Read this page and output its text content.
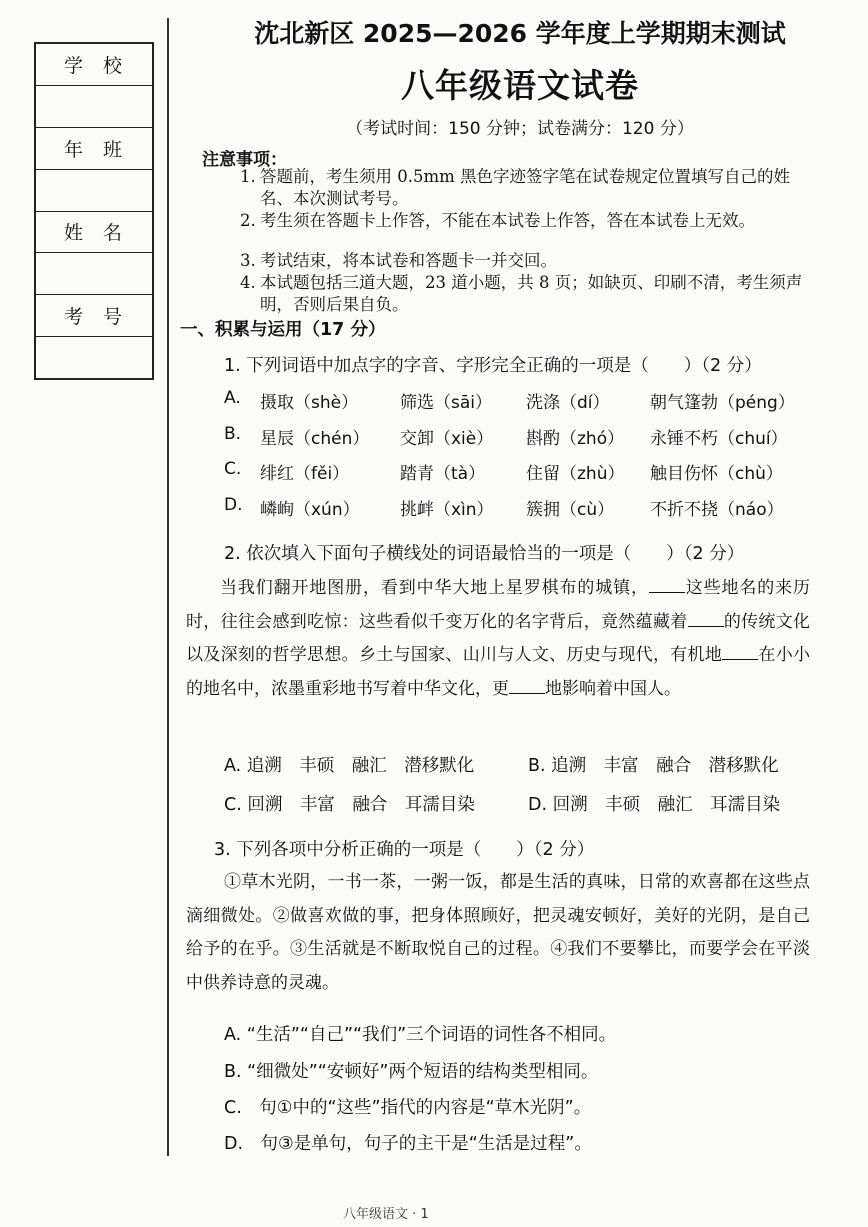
学校
年班
姓名
考号
沈北新区 2025—2026 学年度上学期期末测试
八年级语文试卷
（考试时间：150 分钟；试卷满分：120 分）
注意事项：
1. 答题前，考生须用 0.5mm 黑色字迹签字笔在试卷规定位置填写自己的姓名、本次测试考号。
2. 考生须在答题卡上作答，不能在本试卷上作答，答在本试卷上无效。
3. 考试结束，将本试卷和答题卡一并交回。
4. 本试题包括三道大题，23 道小题，共 8 页；如缺页、印刷不清，考生须声明，否则后果自负。
一、积累与运用（17 分）
1. 下列词语中加点字的字音、字形完全正确的一项是（　　）（2 分）
A. 摄取（shè） 筛选（sāi） 洗涤（dí） 朝气篷勃（péng）
B. 星辰（chén） 交卸（xiè） 斟酌（zhó） 永锤不朽（chuí）
C. 绯红（fěi）	踏青（tà） 住留（zhù） 触目伤怀（chù）
D. 嶙峋（xún） 挑衅（xìn） 簇拥（cù） 不折不挠（náo）
2. 依次填入下面句子横线处的词语最恰当的一项是（　　）（2 分）
当我们翻开地图册，看到中华大地上星罗棋布的城镇， 这些地名的来历时，往往会感到吃惊：这些看似千变万化的名字背后，竟然蕴藏着 的传统文化以及深刻的哲学思想。乡土与国家、山川与人文、历史与现代，有机地 在小小的地名中，浓墨重彩地书写着中华文化，更 地影响着中国人。
A. 追溯　丰硕　融汇　潜移默化	B. 追溯　丰富　融合　潜移默化
C. 回溯　丰富　融合　耳濡目染	D. 回溯　丰硕　融汇　耳濡目染
3. 下列各项中分析正确的一项是（　　）（2 分）
①草木光阴，一书一茶，一粥一饭，都是生活的真味，日常的欢喜都在这些点滴细微处。②做喜欢做的事，把身体照顾好，把灵魂安顿好，美好的光阴，是自己给予的在乎。③生活就是不断取悦自己的过程。④我们不要攀比，而要学会在平淡中供养诗意的灵魂。
A. “生活”“自己”“我们”三个词语的词性各不相同。
B. “细微处”“安顿好”两个短语的结构类型相同。
C.　句①中的“这些”指代的内容是“草木光阴”。
D.　句③是单句，句子的主干是“生活是过程”。
八年级语文 · 1
